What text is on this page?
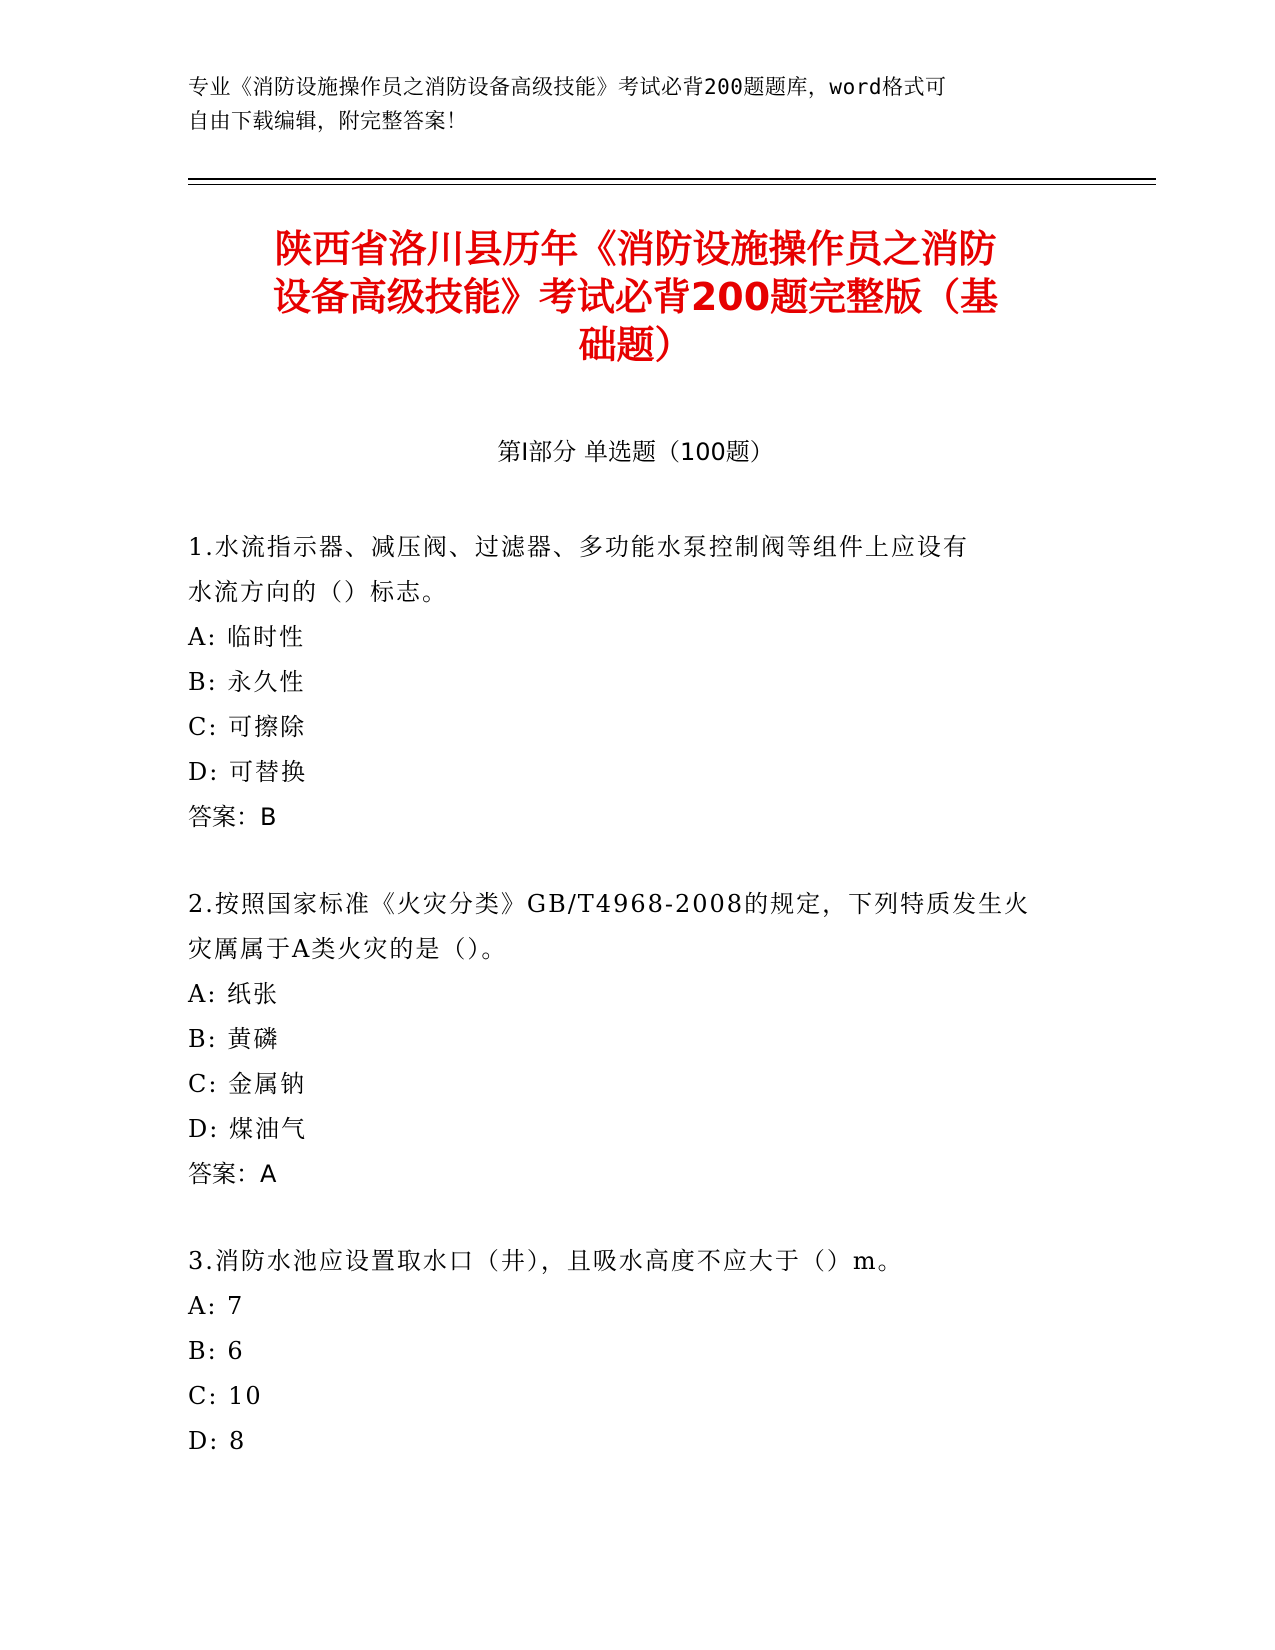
专业《消防设施操作员之消防设备高级技能》考试必背200题题库，word格式可
自由下载编辑，附完整答案！
陕西省洛川县历年《消防设施操作员之消防
设备高级技能》考试必背200题完整版（基
础题）
第I部分 单选题（100题）
1.水流指示器、减压阀、过滤器、多功能水泵控制阀等组件上应设有
水流方向的（）标志。
A: 临时性
B: 永久性
C: 可擦除
D: 可替换
答案：B
2.按照国家标准《火灾分类》GB/T4968-2008的规定，下列特质发生火
灾厲属于A类火灾的是（）。
A: 纸张
B: 黄磷
C: 金属钠
D: 煤油气
答案：A
3.消防水池应设置取水口（井），且吸水高度不应大于（）m。
A: 7
B: 6
C: 10
D: 8
